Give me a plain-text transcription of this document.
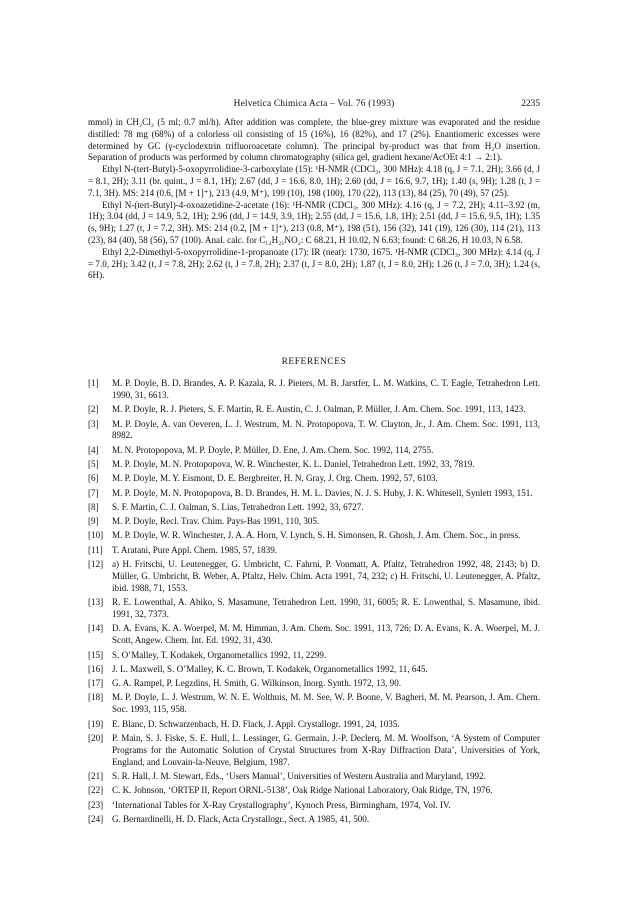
Helvetica Chimica Acta – Vol. 76 (1993)	2235

mmol) in CH₂Cl₂ (5 ml; 0.7 ml/h). After addition was complete, the blue-grey mixture was evaporated and the residue distilled: 78 mg (68%) of a colorless oil consisting of 15 (16%), 16 (82%), and 17 (2%). Enantiomeric excesses were determined by GC (γ-cyclodextrin trifluoroacetate column). The principal by-product was that from H₂O insertion. Separation of products was performed by column chromatography (silica gel, gradient hexane/AcOEt 4:1 → 2:1).

Ethyl N-(tert-Butyl)-5-oxopyrrolidine-3-carboxylate (15): ¹H-NMR (CDCl₃, 300 MHz): 4.18 (q, J = 7.1, 2H); 3.66 (d, J = 8.1, 2H); 3.11 (br. quint., J = 8.1, 1H); 2.67 (dd, J = 16.6, 8.0, 1H); 2.60 (dd, J = 16.6, 9.7, 1H); 1.40 (s, 9H); 1.28 (t, J = 7.1, 3H). MS: 214 (0.6, [M + 1]⁺), 213 (4.9, M⁺), 199 (10), 198 (100), 170 (22), 113 (13), 84 (25), 70 (49), 57 (25).

Ethyl N-(tert-Butyl)-4-oxoazetidine-2-acetate (16): ¹H-NMR (CDCl₃, 300 MHz): 4.16 (q, J = 7.2, 2H); 4.11–3.92 (m, 1H); 3.04 (dd, J = 14.9, 5.2, 1H); 2.96 (dd, J = 14.9, 3.9, 1H); 2.55 (dd, J = 15.6, 1.8, 1H); 2.51 (dd, J = 15.6, 9.5, 1H); 1.35 (s, 9H); 1.27 (t, J = 7.2, 3H). MS: 214 (0.2, [M + 1]⁺), 213 (0.8, M⁺), 198 (51), 156 (32), 141 (19), 126 (30), 114 (21), 113 (23), 84 (40), 58 (56), 57 (100). Anal. calc. for C₁₂H₂₁NO₂: C 68.21, H 10.02, N 6.63; found: C 68.26, H 10.03, N 6.58.

Ethyl 2,2-Dimethyl-5-oxopyrrolidine-1-propanoate (17): IR (neat): 1730, 1675. ¹H-NMR (CDCl₃, 300 MHz): 4.14 (q, J = 7.0, 2H); 3.42 (t, J = 7.8, 2H); 2.62 (t, J = 7.8, 2H); 2.37 (t, J = 8.0, 2H); 1.87 (t, J = 8.0, 2H); 1.26 (t, J = 7.0, 3H); 1.24 (s, 6H).

REFERENCES
[1]	M. P. Doyle, B. D. Brandes, A. P. Kazala, R. J. Pieters, M. B. Jarstfer, L. M. Watkins, C. T. Eagle, Tetrahedron Lett. 1990, 31, 6613.
[2]	M. P. Doyle, R. J. Pieters, S. F. Martin, R. E. Austin, C. J. Oalman, P. Müller, J. Am. Chem. Soc. 1991, 113, 1423.
[3]	M. P. Doyle, A. van Oeveren, L. J. Westrum, M. N. Protopopova, T. W. Clayton, Jr., J. Am. Chem. Soc. 1991, 113, 8982.
[4]	M. N. Protopopova, M. P. Doyle, P. Müller, D. Ene, J. Am. Chem. Soc. 1992, 114, 2755.
[5]	M. P. Doyle, M. N. Protopopova, W. R. Winchester, K. L. Daniel, Tetrahedron Lett. 1992, 33, 7819.
[6]	M. P. Doyle, M. Y. Eismont, D. E. Bergbreiter, H. N. Gray, J. Org. Chem. 1992, 57, 6103.
[7]	M. P. Doyle, M. N. Protopopova, B. D. Brandes, H. M. L. Davies, N. J. S. Huby, J. K. Whitesell, Synlett 1993, 151.
[8]	S. F. Martin, C. J. Oalman, S. Lias, Tetrahedron Lett. 1992, 33, 6727.
[9]	M. P. Doyle, Recl. Trav. Chim. Pays-Bas 1991, 110, 305.
[10] M. P. Doyle, W. R. Winchester, J. A. A. Horn, V. Lynch, S. H. Simonsen, R. Ghosh, J. Am. Chem. Soc., in press.
[11]	T. Aratani, Pure Appl. Chem. 1985, 57, 1839.
[12] a) H. Fritschi, U. Leutenegger, G. Umbricht, C. Fahrni, P. Vonmatt, A. Pfaltz, Tetrahedron 1992, 48, 2143; b) D. Müller, G. Umbricht, B. Weber, A. Pfaltz, Helv. Chim. Acta 1991, 74, 232; c) H. Fritschi, U. Leutenegger, A. Pfaltz, ibid. 1988, 71, 1553.
[13] R. E. Lowenthal, A. Abiko, S. Masamune, Tetrahedron Lett. 1990, 31, 6005; R. E. Lowenthal, S. Masamune, ibid. 1991, 32, 7373.
[14] D. A. Evans, K. A. Woerpel, M. M. Himman, J. Am. Chem. Soc. 1991, 113, 726; D. A. Evans, K. A. Woerpel, M. J. Scott, Angew. Chem. Int. Ed. 1992, 31, 430.
[15] S. O’Malley, T. Kodakek, Organometallics 1992, 11, 2299.
[16] J. L. Maxwell, S. O’Malley, K. C. Brown, T. Kodakek, Organometallics 1992, 11, 645.
[17] G. A. Rampel, P. Legzdins, H. Smith, G. Wilkinson, Inorg. Synth. 1972, 13, 90.
[18] M. P. Doyle, L. J. Westrum, W. N. E. Wolthuis, M. M. See, W. P. Boone, V. Bagheri, M. M. Pearson, J. Am. Chem. Soc. 1993, 115, 958.
[19] E. Blanc, D. Schwarzenbach, H. D. Flack, J. Appl. Crystallogr. 1991, 24, 1035.
[20] P. Main, S. J. Fiske, S. E. Hull, L. Lessinger, G. Germain, J.-P. Declerq, M. M. Woolfson, ‘A System of Computer Programs for the Automatic Solution of Crystal Structures from X-Ray Diffraction Data’, Universities of York, England, and Louvain-la-Neuve, Belgium, 1987.
[21] S. R. Hall, J. M. Stewart, Eds., ‘Users Manual’, Universities of Western Australia and Maryland, 1992.
[22] C. K. Johnson, ‘ORTEP II, Report ORNL-5138’, Oak Ridge National Laboratory, Oak Ridge, TN, 1976.
[23] ‘International Tables for X-Ray Crystallography’, Kynoch Press, Birmingham, 1974, Vol. IV.
[24] G. Bernardinelli, H. D. Flack, Acta Crystallogr., Sect. A 1985, 41, 500.
